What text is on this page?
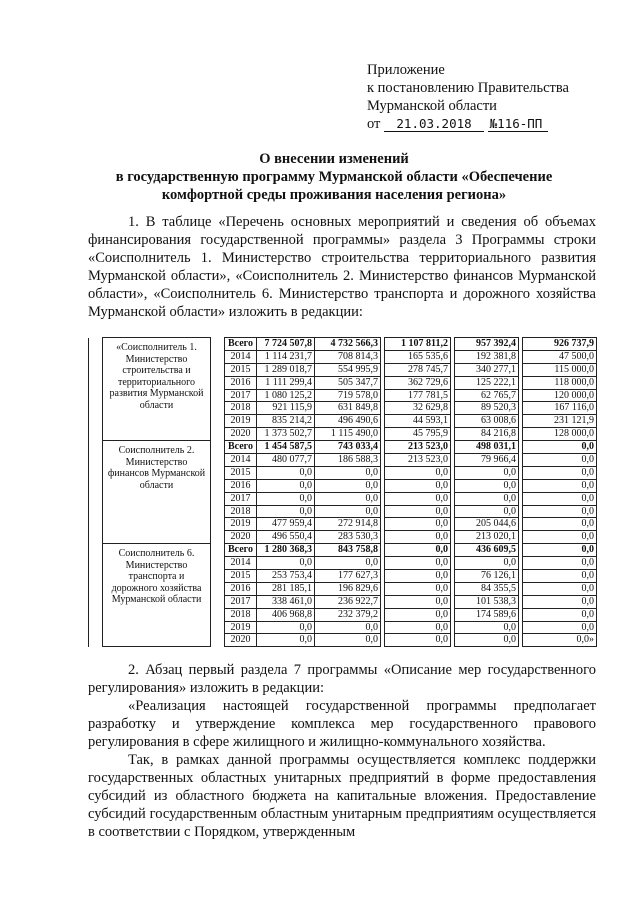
Приложение
к постановлению Правительства
Мурманской области
от 21.03.2018 №116-ПП
О внесении изменений
в государственную программу Мурманской области «Обеспечение
комфортной среды проживания населения региона»

1. В таблице «Перечень основных мероприятий и сведения об объемах финансирования государственной программы» раздела 3 Программы строки «Соисполнитель 1. Министерство строительства территориального развития Мурманской области», «Соисполнитель 2. Министерство финансов Мурманской области», «Соисполнитель 6. Министерство транспорта и дорожного хозяйства Мурманской области» изложить в редакции:

	«Соисполнитель 1. Министерство строительства и территориального развития Мурманской области		Всего	7 724 507,8	4 732 566,3		1 107 811,2		957 392,4		926 737,9
			2014	1 114 231,7	708 814,3		165 535,6		192 381,8		47 500,0
			2015	1 289 018,7	554 995,9		278 745,7		340 277,1		115 000,0
			2016	1 111 299,4	505 347,7		362 729,6		125 222,1		118 000,0
			2017	1 080 125,2	719 578,0		177 781,5		62 765,7		120 000,0
			2018	921 115,9	631 849,8		32 629,8		89 520,3		167 116,0
			2019	835 214,2	496 490,6		44 593,1		63 008,6		231 121,9
			2020	1 373 502,7	1 115 490,0		45 795,9		84 216,8		128 000,0
	Соисполнитель 2. Министерство финансов Мурманской области		Всего	1 454 587,5	743 033,4		213 523,0		498 031,1		0,0
			2014	480 077,7	186 588,3		213 523,0		79 966,4		0,0
			2015	0,0	0,0		0,0		0,0		0,0
			2016	0,0	0,0		0,0		0,0		0,0
			2017	0,0	0,0		0,0		0,0		0,0
			2018	0,0	0,0		0,0		0,0		0,0
			2019	477 959,4	272 914,8		0,0		205 044,6		0,0
			2020	496 550,4	283 530,3		0,0		213 020,1		0,0
	Соисполнитель 6. Министерство транспорта и дорожного хозяйства Мурманской области		Всего	1 280 368,3	843 758,8		0,0		436 609,5		0,0
			2014	0,0	0,0		0,0		0,0		0,0
			2015	253 753,4	177 627,3		0,0		76 126,1		0,0
			2016	281 185,1	196 829,6		0,0		84 355,5		0,0
			2017	338 461,0	236 922,7		0,0		101 538,3		0,0
			2018	406 968,8	232 379,2		0,0		174 589,6		0,0
			2019	0,0	0,0		0,0		0,0		0,0
			2020	0,0	0,0		0,0		0,0		0,0»

2. Абзац первый раздела 7 программы «Описание мер государственного регулирования» изложить в редакции:

«Реализация настоящей государственной программы предполагает разработку и утверждение комплекса мер государственного правового регулирования в сфере жилищного и жилищно-коммунального хозяйства.

Так, в рамках данной программы осуществляется комплекс поддержки государственных областных унитарных предприятий в форме предоставления субсидий из областного бюджета на капитальные вложения. Предоставление субсидий государственным областным унитарным предприятиям осуществляется в соответствии с Порядком, утвержденным
